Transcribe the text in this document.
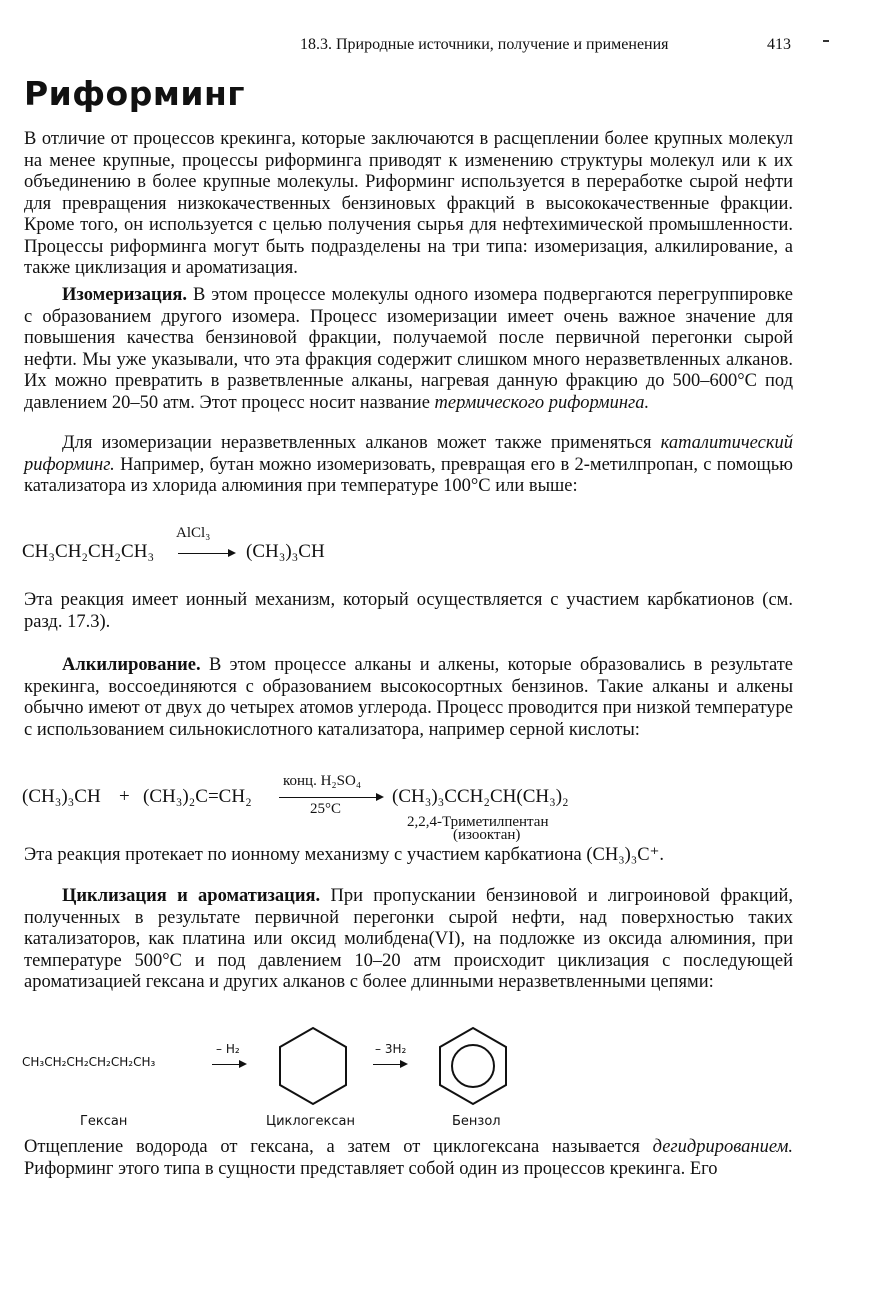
18.3. Природные источники, получение и применения	413
Риформинг

В отличие от процессов крекинга, которые заключаются в расщеплении более крупных молекул на менее крупные, процессы риформинга приводят к изменению структуры молекул или к их объединению в более крупные молекулы. Риформинг используется в переработке сырой нефти для превращения низкокачественных бензиновых фракций в высококачественные фракции. Кроме того, он используется с целью получения сырья для нефтехимической промышленности. Процессы риформинга могут быть подразделены на три типа: изомеризация, алкилирование, а также циклизация и ароматизация.

Изомеризация. В этом процессе молекулы одного изомера подвергаются перегруппировке с образованием другого изомера. Процесс изомеризации имеет очень важное значение для повышения качества бензиновой фракции, получаемой после первичной перегонки сырой нефти. Мы уже указывали, что эта фракция содержит слишком много неразветвленных алканов. Их можно превратить в разветвленные алканы, нагревая данную фракцию до 500–600°С под давлением 20–50 атм. Этот процесс носит название термического риформинга.

Для изомеризации неразветвленных алканов может также применяться каталитический риформинг. Например, бутан можно изомеризовать, превращая его в 2-метилпропан, с помощью катализатора из хлорида алюминия при температуре 100°С или выше:

CH₃CH₂CH₂CH₃
AlCl₃
(CH₃)₃CH

Эта реакция имеет ионный механизм, который осуществляется с участием карбкатионов (см. разд. 17.3).

Алкилирование. В этом процессе алканы и алкены, которые образовались в результате крекинга, воссоединяются с образованием высокосортных бензинов. Такие алканы и алкены обычно имеют от двух до четырех атомов углерода. Процесс проводится при низкой температуре с использованием сильнокислотного катализатора, например серной кислоты:

(CH₃)₃CH + (CH₃)₂C=CH₂
конц. H₂SO₄
25°C
(CH₃)₃CCH₂CH(CH₃)₂
2,2,4-Триметилпентан
(изооктан)

Эта реакция протекает по ионному механизму с участием карбкатиона (CH₃)₃C⁺.

Циклизация и ароматизация. При пропускании бензиновой и лигроиновой фракций, полученных в результате первичной перегонки сырой нефти, над поверхностью таких катализаторов, как платина или оксид молибдена(VI), на подложке из оксида алюминия, при температуре 500°С и под давлением 10–20 атм происходит циклизация с последующей ароматизацией гексана и других алканов с более длинными неразветвленными цепями:

CH₃CH₂CH₂CH₂CH₂CH₃
– H₂	– 3H₂
Гексан	Циклогексан	Бензол

Отщепление водорода от гексана, а затем от циклогексана называется дегидрированием. Риформинг этого типа в сущности представляет собой один из процессов крекинга. Его
